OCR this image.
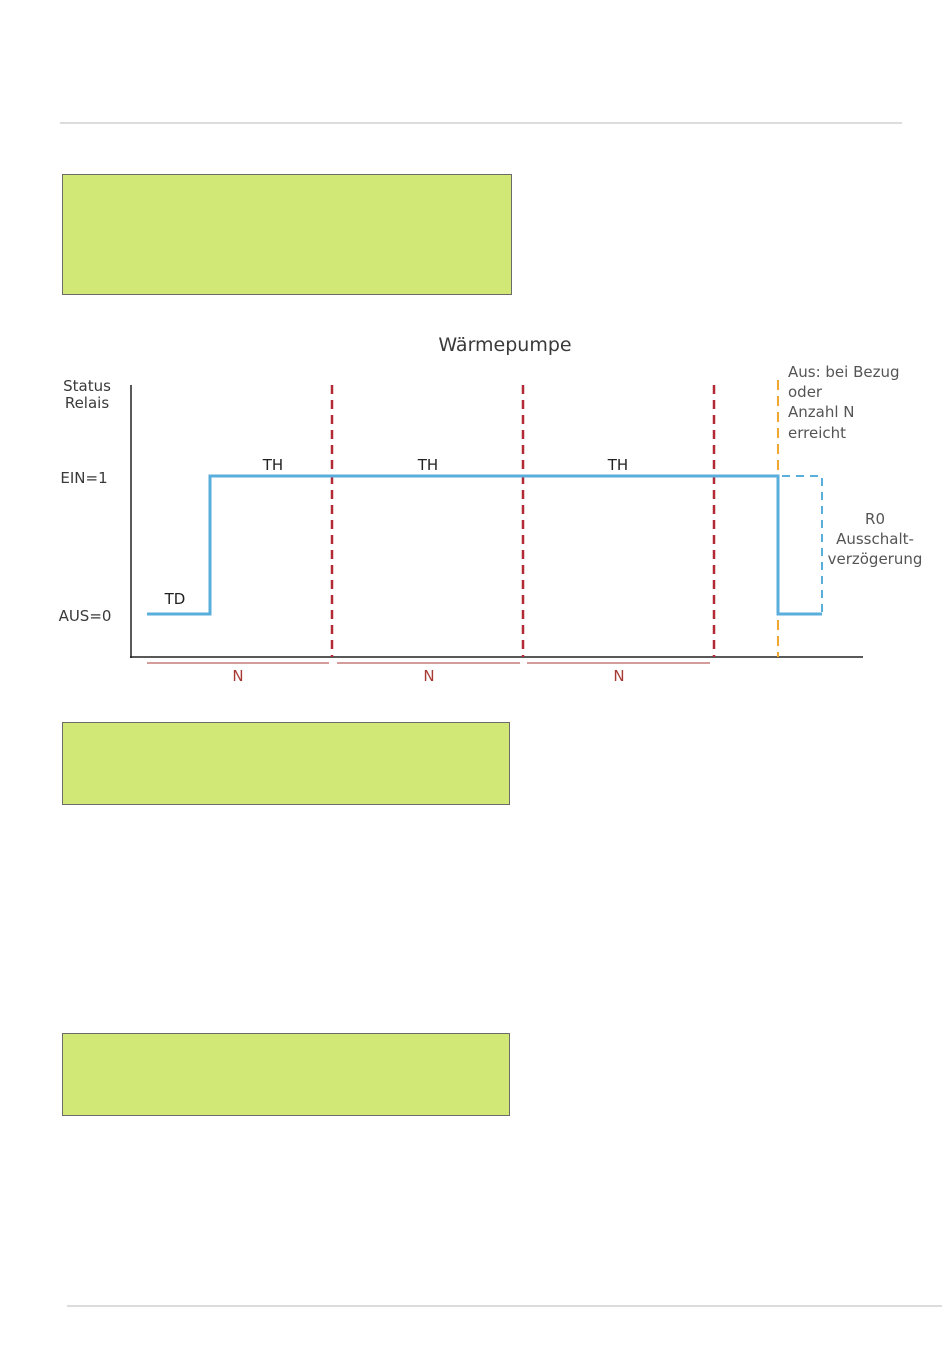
Wärmepumpe
Status
Relais
EIN=1
AUS=0
TD
TH	TH	TH
N	N	N
Aus: bei Bezug
oder
Anzahl N
erreicht
R0
Ausschalt-
verzögerung
